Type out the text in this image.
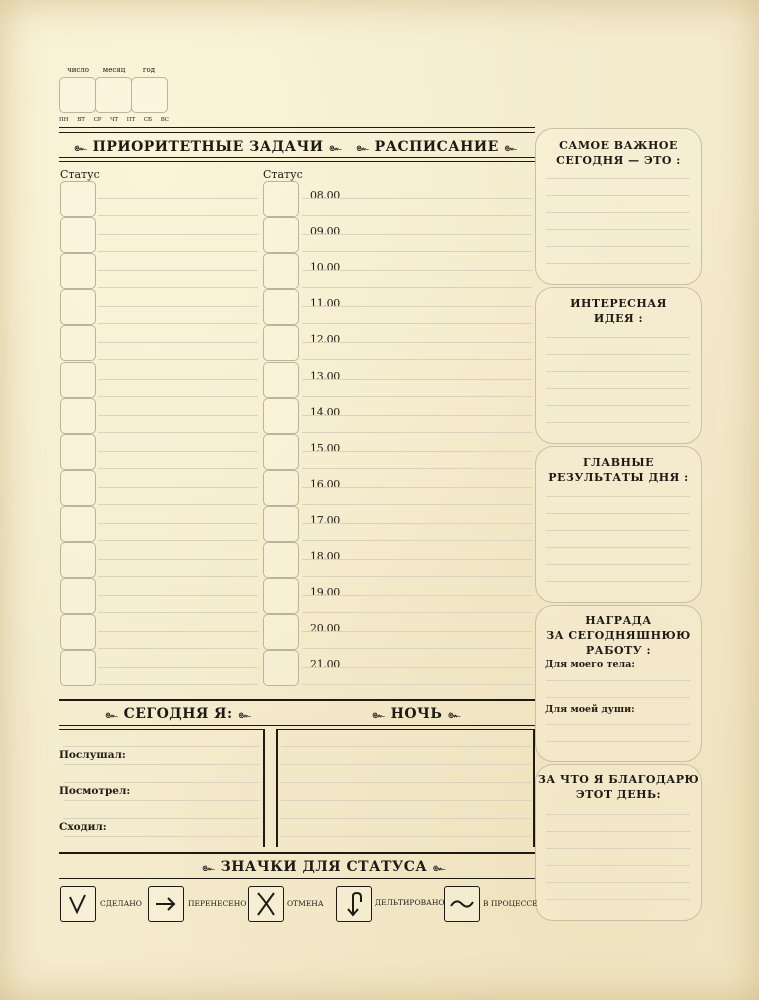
число	месяц	год
ПН ВТ СР ЧТ ПТ СБ ВС
๛ ПРИОРИТЕТНЫЕ ЗАДАЧИ ๛ ๛ РАСПИСАНИЕ ๛
Статус	Статус
08.00
09.00
10.00
11.00
12.00
13.00
14.00
15.00
16.00
17.00
18.00
19.00
20.00
21.00
САМОЕ ВАЖНОЕ
СЕГОДНЯ — ЭТО :
ИНТЕРЕСНАЯ
ИДЕЯ :
ГЛАВНЫЕ
РЕЗУЛЬТАТЫ ДНЯ :
НАГРАДА
ЗА СЕГОДНЯШНЮЮ
РАБОТУ :
Для моего тела:
Для моей души:
ЗА ЧТО Я БЛАГОДАРЮ
ЭТОТ ДЕНЬ:
๛ СЕГОДНЯ Я: ๛	๛ НОЧЬ ๛
Послушал:
Посмотрел:
Сходил:
๛ ЗНАЧКИ ДЛЯ СТАТУСА ๛
СДЕЛАНО	ПЕРЕНЕСЕНО	ОТМЕНА	ДЕЛЬТИРОВАНО	В ПРОЦЕССЕ
